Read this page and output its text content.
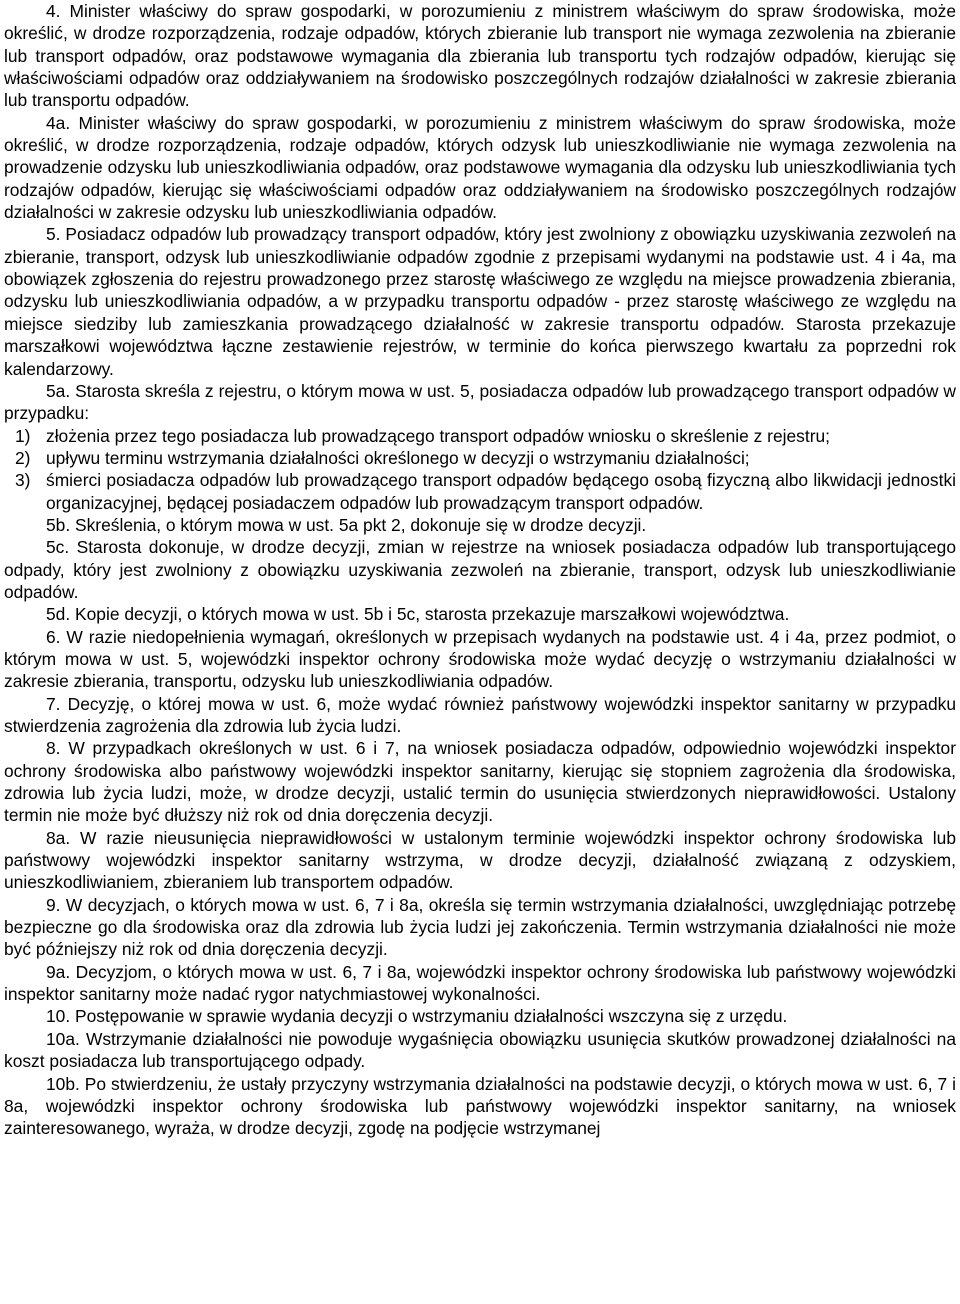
4. Minister właściwy do spraw gospodarki, w porozumieniu z ministrem właściwym do spraw środowiska, może określić, w drodze rozporządzenia, rodzaje odpadów, których zbieranie lub transport nie wymaga zezwolenia na zbieranie lub transport odpadów, oraz podstawowe wymagania dla zbierania lub transportu tych rodzajów odpadów, kierując się właściwościami odpadów oraz oddziaływaniem na środowisko poszczególnych rodzajów działalności w zakresie zbierania lub transportu odpadów.

4a. Minister właściwy do spraw gospodarki, w porozumieniu z ministrem właściwym do spraw środowiska, może określić, w drodze rozporządzenia, rodzaje odpadów, których odzysk lub unieszkodliwianie nie wymaga zezwolenia na prowadzenie odzysku lub unieszkodliwiania odpadów, oraz podstawowe wymagania dla odzysku lub unieszkodliwiania tych rodzajów odpadów, kierując się właściwościami odpadów oraz oddziaływaniem na środowisko poszczególnych rodzajów działalności w zakresie odzysku lub unieszkodliwiania odpadów.

5. Posiadacz odpadów lub prowadzący transport odpadów, który jest zwolniony z obowiązku uzyskiwania zezwoleń na zbieranie, transport, odzysk lub unieszkodliwianie odpadów zgodnie z przepisami wydanymi na podstawie ust. 4 i 4a, ma obowiązek zgłoszenia do rejestru prowadzonego przez starostę właściwego ze względu na miejsce prowadzenia zbierania, odzysku lub unieszkodliwiania odpadów, a w przypadku transportu odpadów - przez starostę właściwego ze względu na miejsce siedziby lub zamieszkania prowadzącego działalność w zakresie transportu odpadów. Starosta przekazuje marszałkowi województwa łączne zestawienie rejestrów, w terminie do końca pierwszego kwartału za poprzedni rok kalendarzowy.

5a. Starosta skreśla z rejestru, o którym mowa w ust. 5, posiadacza odpadów lub prowadzącego transport odpadów w przypadku:

1) złożenia przez tego posiadacza lub prowadzącego transport odpadów wniosku o skreślenie z rejestru;
2) upływu terminu wstrzymania działalności określonego w decyzji o wstrzymaniu działalności;
3) śmierci posiadacza odpadów lub prowadzącego transport odpadów będącego osobą fizyczną albo likwidacji jednostki organizacyjnej, będącej posiadaczem odpadów lub prowadzącym transport odpadów.

5b. Skreślenia, o którym mowa w ust. 5a pkt 2, dokonuje się w drodze decyzji.

5c. Starosta dokonuje, w drodze decyzji, zmian w rejestrze na wniosek posiadacza odpadów lub transportującego odpady, który jest zwolniony z obowiązku uzyskiwania zezwoleń na zbieranie, transport, odzysk lub unieszkodliwianie odpadów.

5d. Kopie decyzji, o których mowa w ust. 5b i 5c, starosta przekazuje marszałkowi województwa.

6. W razie niedopełnienia wymagań, określonych w przepisach wydanych na podstawie ust. 4 i 4a, przez podmiot, o którym mowa w ust. 5, wojewódzki inspektor ochrony środowiska może wydać decyzję o wstrzymaniu działalności w zakresie zbierania, transportu, odzysku lub unieszkodliwiania odpadów.

7. Decyzję, o której mowa w ust. 6, może wydać również państwowy wojewódzki inspektor sanitarny w przypadku stwierdzenia zagrożenia dla zdrowia lub życia ludzi.

8. W przypadkach określonych w ust. 6 i 7, na wniosek posiadacza odpadów, odpowiednio wojewódzki inspektor ochrony środowiska albo państwowy wojewódzki inspektor sanitarny, kierując się stopniem zagrożenia dla środowiska, zdrowia lub życia ludzi, może, w drodze decyzji, ustalić termin do usunięcia stwierdzonych nieprawidłowości. Ustalony termin nie może być dłuższy niż rok od dnia doręczenia decyzji.

8a. W razie nieusunięcia nieprawidłowości w ustalonym terminie wojewódzki inspektor ochrony środowiska lub państwowy wojewódzki inspektor sanitarny wstrzyma, w drodze decyzji, działalność związaną z odzyskiem, unieszkodliwianiem, zbieraniem lub transportem odpadów.

9. W decyzjach, o których mowa w ust. 6, 7 i 8a, określa się termin wstrzymania działalności, uwzględniając potrzebę bezpieczne go dla środowiska oraz dla zdrowia lub życia ludzi jej zakończenia. Termin wstrzymania działalności nie może być późniejszy niż rok od dnia doręczenia decyzji.

9a. Decyzjom, o których mowa w ust. 6, 7 i 8a, wojewódzki inspektor ochrony środowiska lub państwowy wojewódzki inspektor sanitarny może nadać rygor natychmiastowej wykonalności.

10. Postępowanie w sprawie wydania decyzji o wstrzymaniu działalności wszczyna się z urzędu.

10a. Wstrzymanie działalności nie powoduje wygaśnięcia obowiązku usunięcia skutków prowadzonej działalności na koszt posiadacza lub transportującego odpady.

10b. Po stwierdzeniu, że ustały przyczyny wstrzymania działalności na podstawie decyzji, o których mowa w ust. 6, 7 i 8a, wojewódzki inspektor ochrony środowiska lub państwowy wojewódzki inspektor sanitarny, na wniosek zainteresowanego, wyraża, w drodze decyzji, zgodę na podjęcie wstrzymanej
